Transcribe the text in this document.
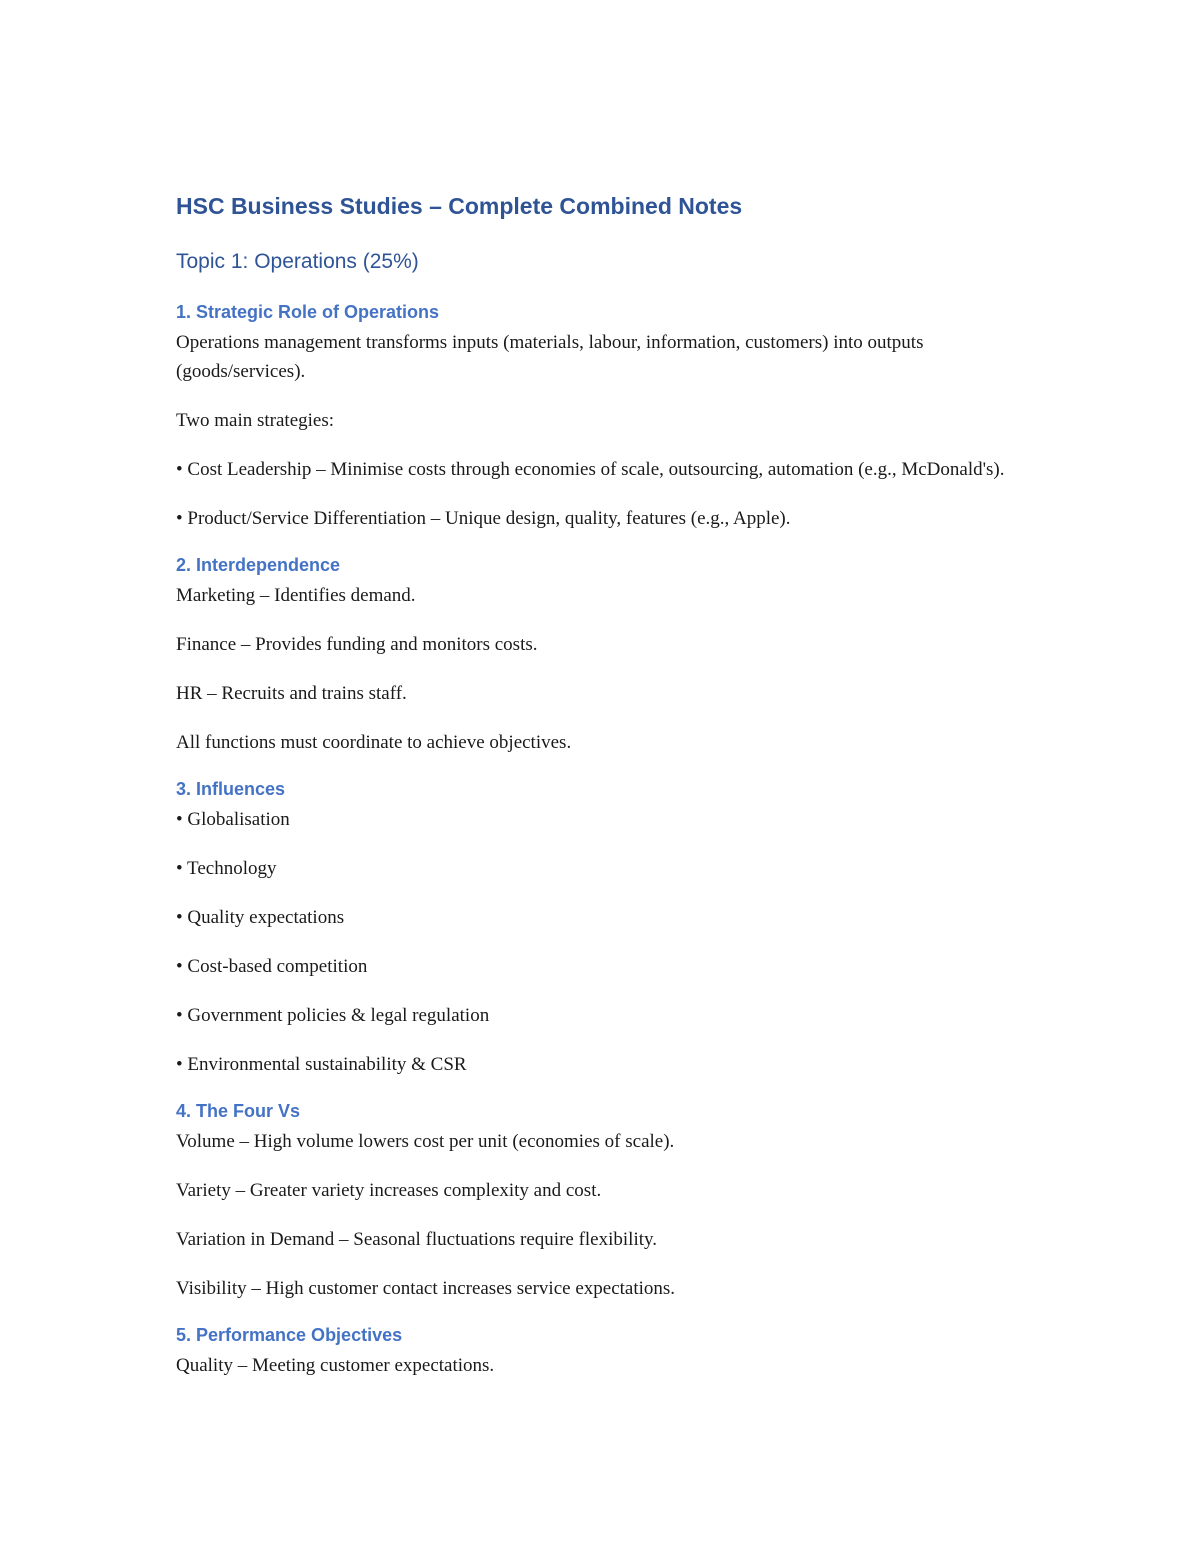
HSC Business Studies – Complete Combined Notes
Topic 1: Operations (25%)
1. Strategic Role of Operations
Operations management transforms inputs (materials, labour, information, customers) into outputs (goods/services).
Two main strategies:
• Cost Leadership – Minimise costs through economies of scale, outsourcing, automation (e.g., McDonald's).
• Product/Service Differentiation – Unique design, quality, features (e.g., Apple).
2. Interdependence
Marketing – Identifies demand.
Finance – Provides funding and monitors costs.
HR – Recruits and trains staff.
All functions must coordinate to achieve objectives.
3. Influences
• Globalisation
• Technology
• Quality expectations
• Cost-based competition
• Government policies & legal regulation
• Environmental sustainability & CSR
4. The Four Vs
Volume – High volume lowers cost per unit (economies of scale).
Variety – Greater variety increases complexity and cost.
Variation in Demand – Seasonal fluctuations require flexibility.
Visibility – High customer contact increases service expectations.
5. Performance Objectives
Quality – Meeting customer expectations.
